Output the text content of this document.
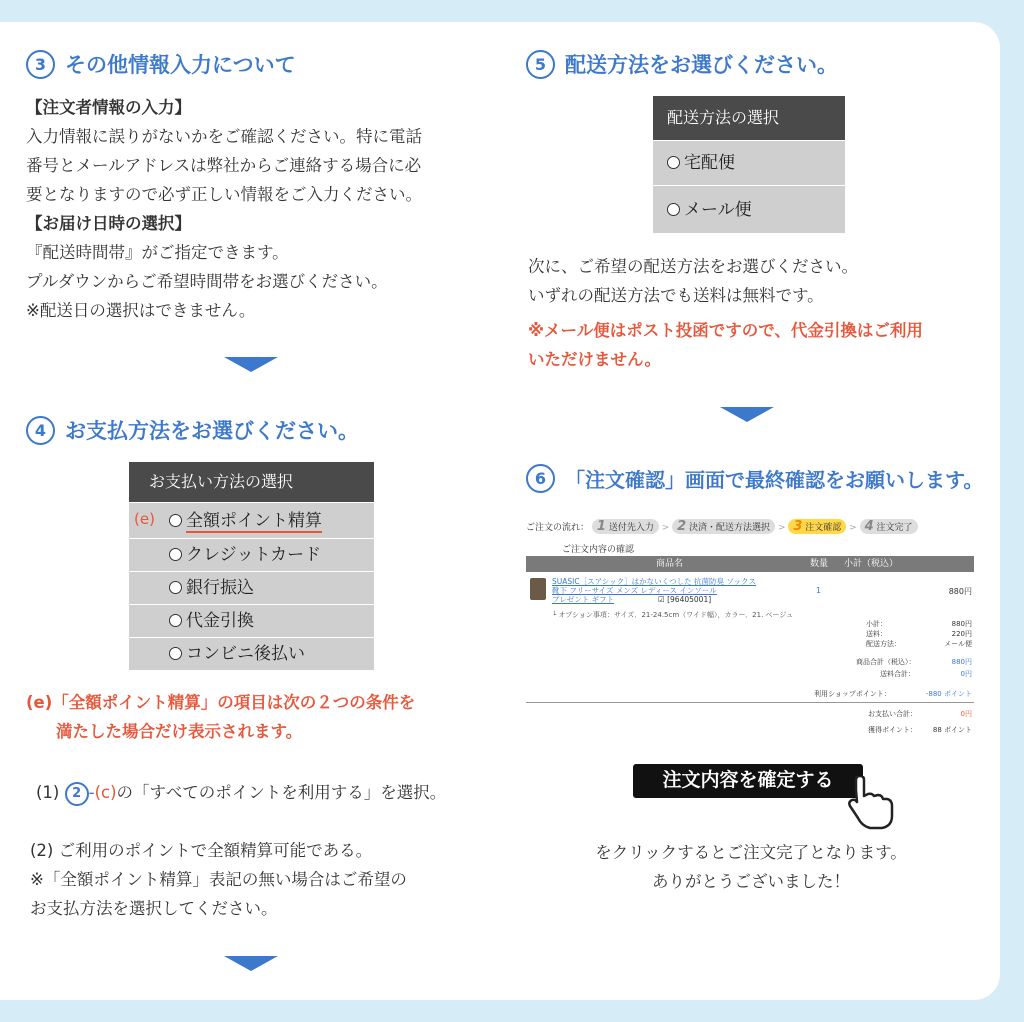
3 その他情報入力について
【注文者情報の入力】
入力情報に誤りがないかをご確認ください。特に電話
番号とメールアドレスは弊社からご連絡する場合に必
要となりますので必ず正しい情報をご入力ください。
【お届け日時の選択】
『配送時間帯』がご指定できます。
プルダウンからご希望時間帯をお選びください。
※配送日の選択はできません。
4 お支払方法をお選びください。
お支払い方法の選択
全額ポイント精算
クレジットカード
銀行振込
代金引換
コンビニ後払い
(e)
(e)「全額ポイント精算」の項目は次の２つの条件を
満たした場合だけ表示されます。
(1) 2 -(c)の「すべてのポイントを利用する」を選択。
(2) ご利用のポイントで全額精算可能である。
※「全額ポイント精算」表記の無い場合はご希望の
お支払方法を選択してください。
5 配送方法をお選びください。
配送方法の選択
宅配便
メール便
次に、ご希望の配送方法をお選びください。
いずれの配送方法でも送料は無料です。
※メール便はポスト投函ですので、代金引換はご利用
いただけません。
6 「注文確認」画面で最終確認をお願いします。
ご注文の流れ： 1 送付先入力 > 2 決済・配送方法選択 > 3 注文確認 > 4 注文完了
ご注文内容の確認
商品名	数量 小計（税込）
SUASIC［スアシック］はかないくつした 抗菌防臭 ソックス
靴下 フリーサイズ メンズ レディース インソール
プレゼント ギフト	☑ [96405001]
1	880円
└ オプション事項：サイズ．21-24.5cm（ワイド幅），カラー．21. ベージュ
小計：	880円
送料：	220円
配送方法：	メール便
商品合計（税込）：	880円
送料合計：	0円
利用ショップポイント：	-880 ポイント
お支払い合計：	0円
獲得ポイント： 88 ポイント
注文内容を確定する
をクリックするとご注文完了となります。
ありがとうございました！
